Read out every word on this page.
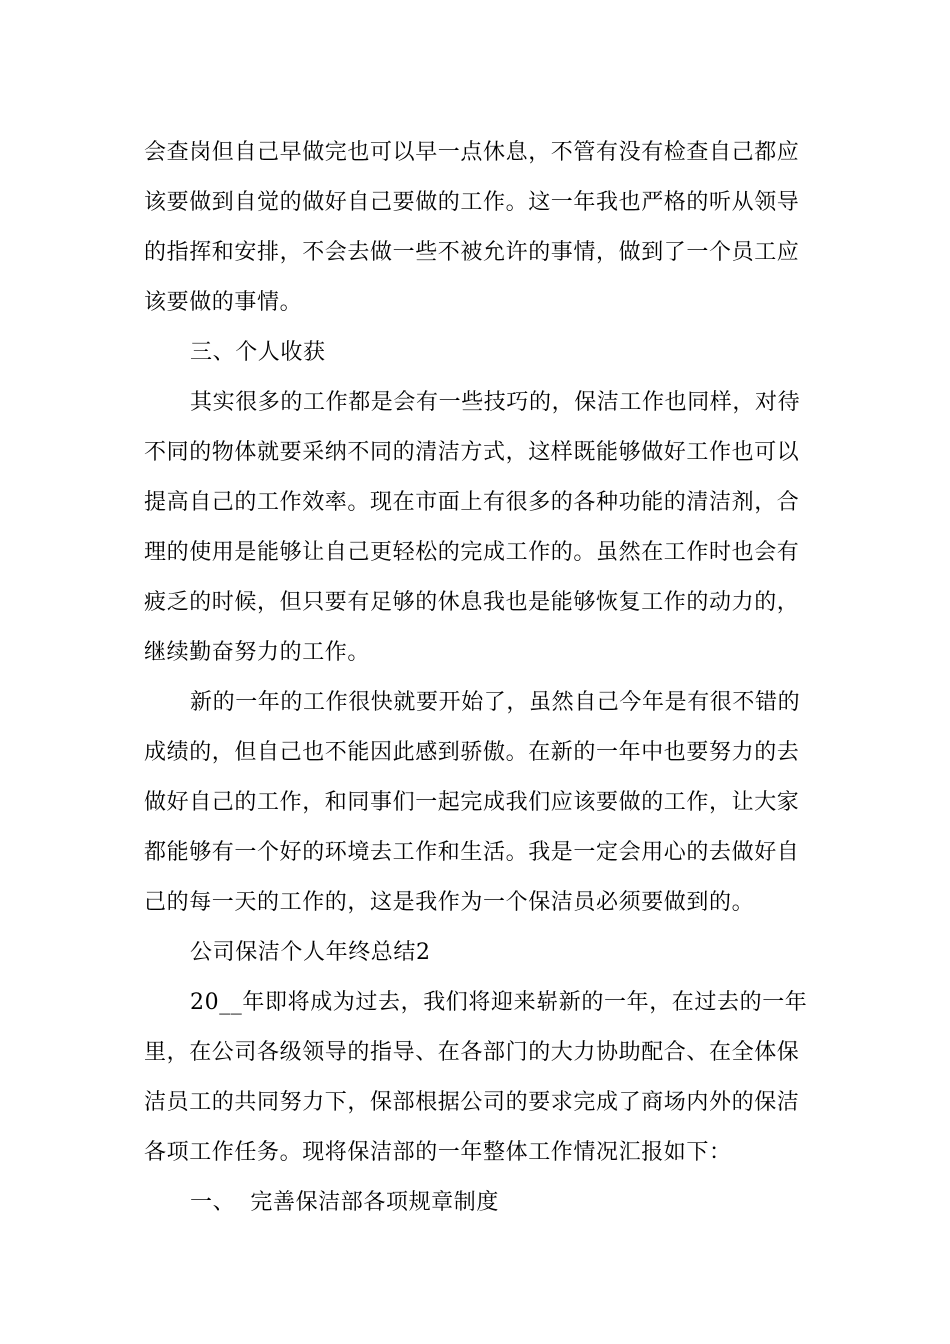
会查岗但自己早做完也可以早一点休息，不管有没有检查自己都应
该要做到自觉的做好自己要做的工作。这一年我也严格的听从领导
的指挥和安排，不会去做一些不被允许的事情，做到了一个员工应
该要做的事情。
三、个人收获
其实很多的工作都是会有一些技巧的，保洁工作也同样，对待
不同的物体就要采纳不同的清洁方式，这样既能够做好工作也可以
提高自己的工作效率。现在市面上有很多的各种功能的清洁剂，合
理的使用是能够让自己更轻松的完成工作的。虽然在工作时也会有
疲乏的时候，但只要有足够的休息我也是能够恢复工作的动力的，
继续勤奋努力的工作。
新的一年的工作很快就要开始了，虽然自己今年是有很不错的
成绩的，但自己也不能因此感到骄傲。在新的一年中也要努力的去
做好自己的工作，和同事们一起完成我们应该要做的工作，让大家
都能够有一个好的环境去工作和生活。我是一定会用心的去做好自
己的每一天的工作的，这是我作为一个保洁员必须要做到的。
公司保洁个人年终总结2
20__年即将成为过去，我们将迎来崭新的一年，在过去的一年
里，在公司各级领导的指导、在各部门的大力协助配合、在全体保
洁员工的共同努力下，保部根据公司的要求完成了商场内外的保洁
各项工作任务。现将保洁部的一年整体工作情况汇报如下：
一、  完善保洁部各项规章制度
